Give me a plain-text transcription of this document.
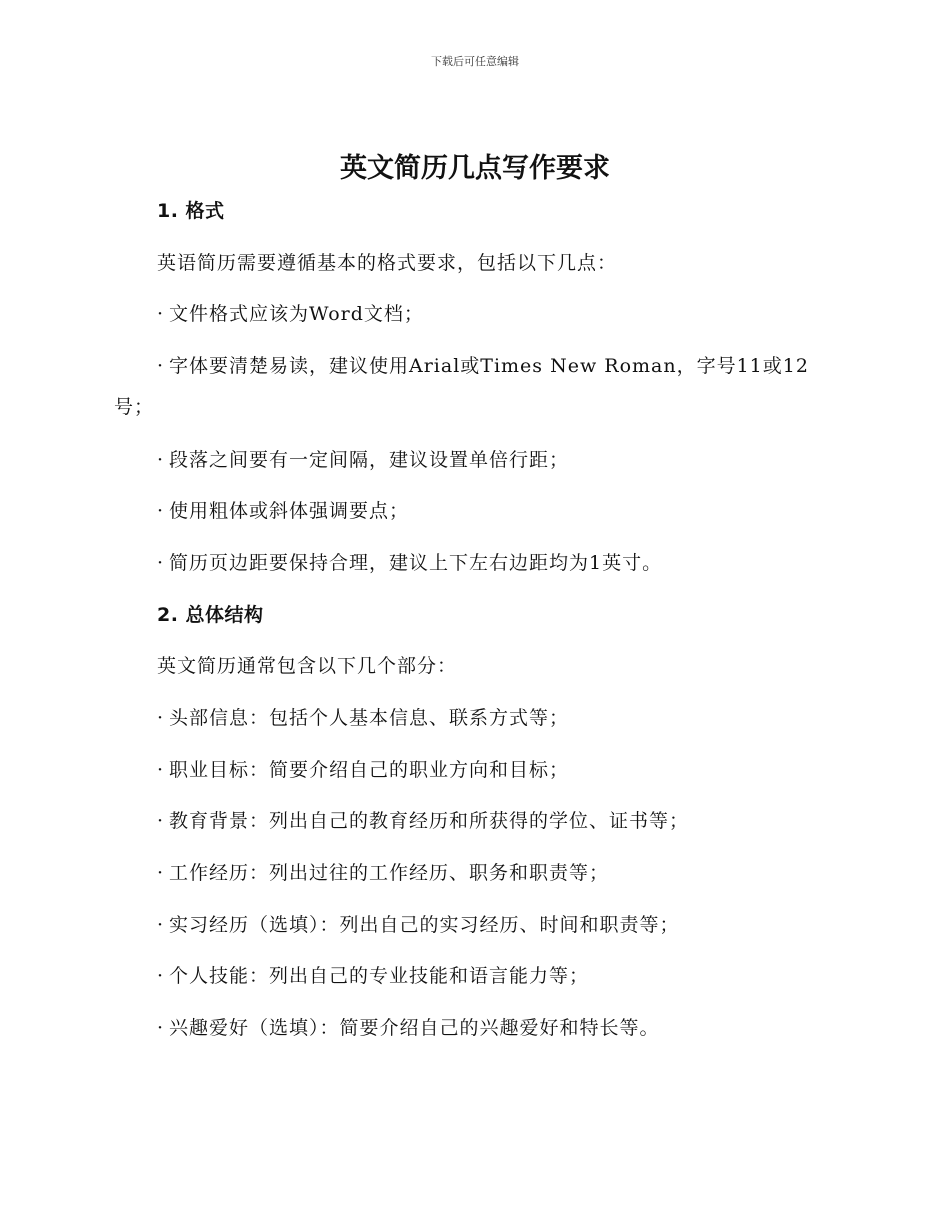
下载后可任意编辑
英文简历几点写作要求
1. 格式
英语简历需要遵循基本的格式要求，包括以下几点：
· 文件格式应该为Word文档；
· 字体要清楚易读，建议使用Arial或Times New Roman，字号11或12
号；
· 段落之间要有一定间隔，建议设置单倍行距；
· 使用粗体或斜体强调要点；
· 简历页边距要保持合理，建议上下左右边距均为1英寸。
2. 总体结构
英文简历通常包含以下几个部分：
· 头部信息：包括个人基本信息、联系方式等；
· 职业目标：简要介绍自己的职业方向和目标；
· 教育背景：列出自己的教育经历和所获得的学位、证书等；
· 工作经历：列出过往的工作经历、职务和职责等；
· 实习经历（选填）：列出自己的实习经历、时间和职责等；
· 个人技能：列出自己的专业技能和语言能力等；
· 兴趣爱好（选填）：简要介绍自己的兴趣爱好和特长等。
